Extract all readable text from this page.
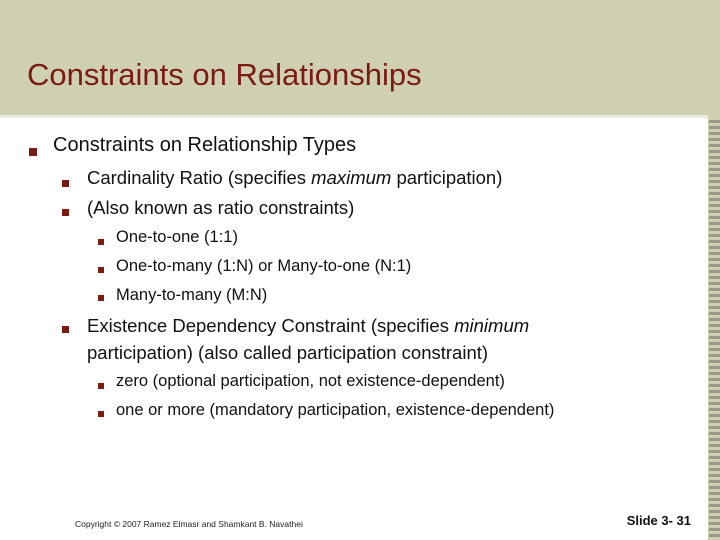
Constraints on Relationships
Constraints on Relationship Types
Cardinality Ratio (specifies maximum participation)
(Also known as ratio constraints)
One-to-one (1:1)
One-to-many (1:N) or Many-to-one (N:1)
Many-to-many (M:N)
Existence Dependency Constraint (specifies minimum
participation) (also called participation constraint)
zero (optional participation, not existence-dependent)
one or more (mandatory participation, existence-dependent)
Copyright © 2007 Ramez Elmasr and Shamkant B. Navathei	Slide 3- 31
